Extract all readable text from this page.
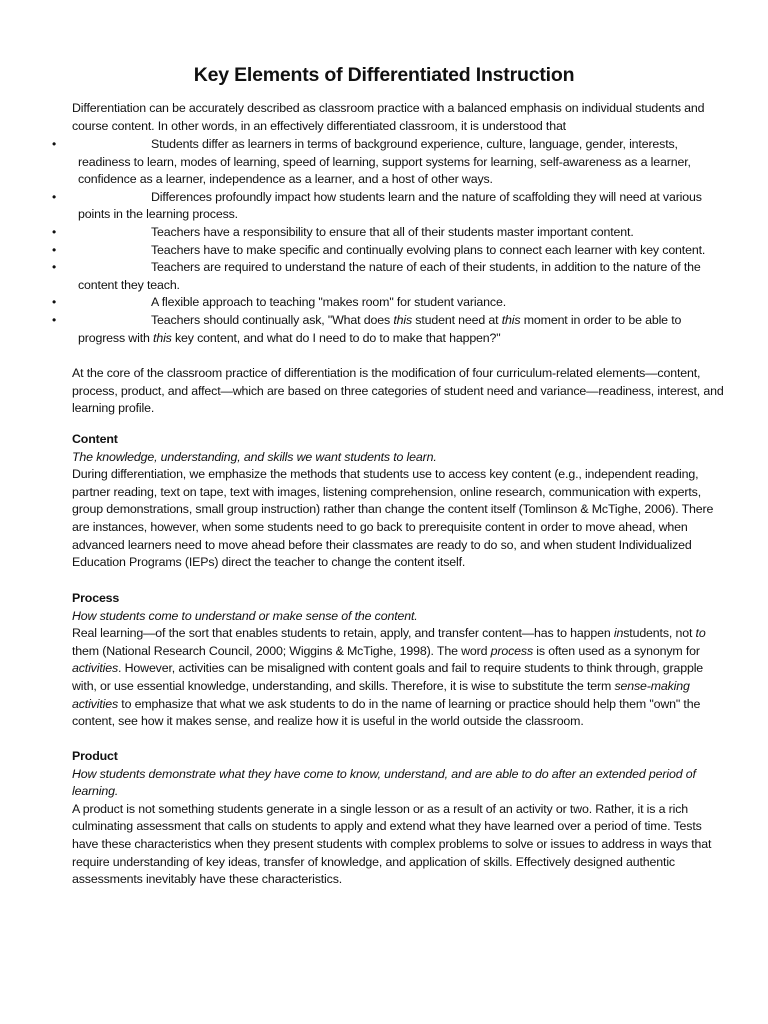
Key Elements of Differentiated Instruction

Differentiation can be accurately described as classroom practice with a balanced emphasis on individual students and course content. In other words, in an effectively differentiated classroom, it is understood that

•	Students differ as learners in terms of background experience, culture, language, gender, interests, readiness to learn, modes of learning, speed of learning, support systems for learning, self-awareness as a learner, confidence as a learner, independence as a learner, and a host of other ways.
•	Differences profoundly impact how students learn and the nature of scaffolding they will need at various points in the learning process.
•	Teachers have a responsibility to ensure that all of their students master important content.
•	Teachers have to make specific and continually evolving plans to connect each learner with key content.
•	Teachers are required to understand the nature of each of their students, in addition to the nature of the content they teach.
•	A flexible approach to teaching "makes room" for student variance.
•	Teachers should continually ask, "What does this student need at this moment in order to be able to progress with this key content, and what do I need to do to make that happen?"

At the core of the classroom practice of differentiation is the modification of four curriculum-related elements—content, process, product, and affect—which are based on three categories of student need and variance—readiness, interest, and learning profile.

Content

The knowledge, understanding, and skills we want students to learn.

During differentiation, we emphasize the methods that students use to access key content (e.g., independent reading, partner reading, text on tape, text with images, listening comprehension, online research, communication with experts, group demonstrations, small group instruction) rather than change the content itself (Tomlinson & McTighe, 2006). There are instances, however, when some students need to go back to prerequisite content in order to move ahead, when advanced learners need to move ahead before their classmates are ready to do so, and when student Individualized Education Programs (IEPs) direct the teacher to change the content itself.

Process

How students come to understand or make sense of the content.

Real learning—of the sort that enables students to retain, apply, and transfer content—has to happen instudents, not to them (National Research Council, 2000; Wiggins & McTighe, 1998). The word process is often used as a synonym for activities. However, activities can be misaligned with content goals and fail to require students to think through, grapple with, or use essential knowledge, understanding, and skills. Therefore, it is wise to substitute the term sense-making activities to emphasize that what we ask students to do in the name of learning or practice should help them "own" the content, see how it makes sense, and realize how it is useful in the world outside the classroom.

Product

How students demonstrate what they have come to know, understand, and are able to do after an extended period of learning.

A product is not something students generate in a single lesson or as a result of an activity or two. Rather, it is a rich culminating assessment that calls on students to apply and extend what they have learned over a period of time. Tests have these characteristics when they present students with complex problems to solve or issues to address in ways that require understanding of key ideas, transfer of knowledge, and application of skills. Effectively designed authentic assessments inevitably have these characteristics.
